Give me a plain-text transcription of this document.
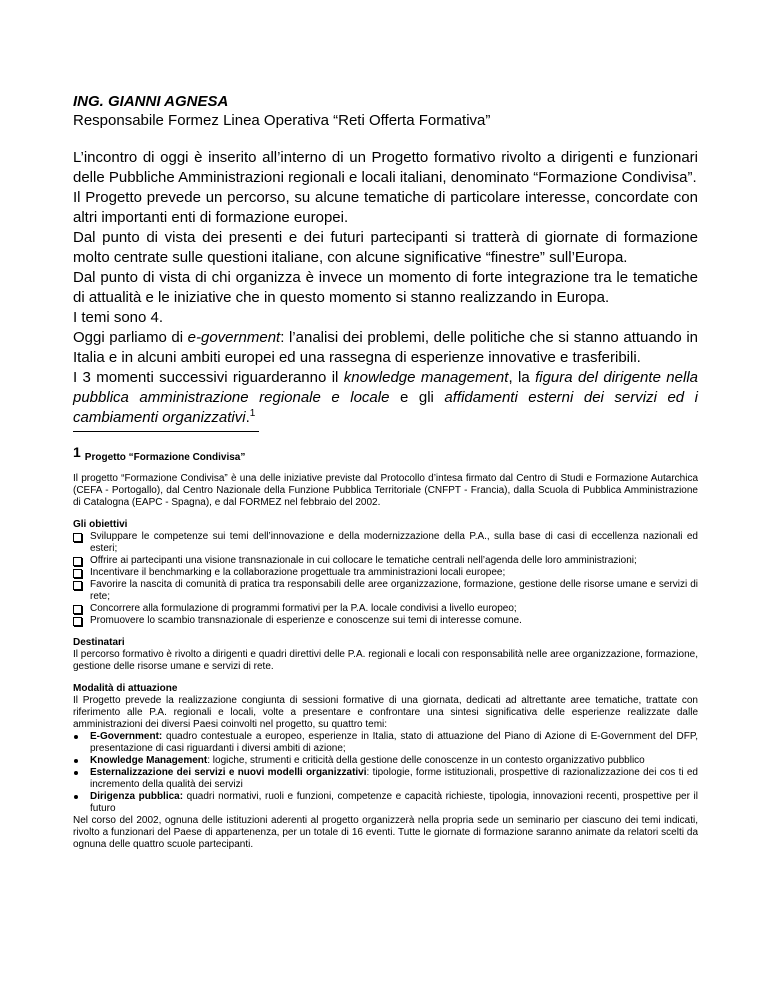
ING. GIANNI AGNESA
Responsabile Formez Linea Operativa “Reti Offerta Formativa”

L’incontro di oggi è inserito all’interno di un Progetto formativo rivolto a dirigenti e funzionari delle Pubbliche Amministrazioni regionali e locali italiani, denominato “Formazione Condivisa”.

Il Progetto prevede un percorso, su alcune tematiche di particolare interesse, concordate con altri importanti enti di formazione europei.

Dal punto di vista dei presenti e dei futuri partecipanti si tratterà di giornate di formazione molto centrate sulle questioni italiane, con alcune significative “finestre” sull’Europa.

Dal punto di vista di chi organizza è invece un momento di forte integrazione tra le tematiche di attualità e le iniziative che in questo momento si stanno realizzando in Europa.

I temi sono 4.

Oggi parliamo di e-government: l’analisi dei problemi, delle politiche che si stanno attuando in Italia e in alcuni ambiti europei ed una rassegna di esperienze innovative e trasferibili.

I 3 momenti successivi riguarderanno il knowledge management, la figura del dirigente nella pubblica amministrazione regionale e locale e gli affidamenti esterni dei servizi ed i cambiamenti organizzativi.$^1$

1 Progetto “Formazione Condivisa”

Il progetto “Formazione Condivisa” è una delle iniziative previste dal Protocollo d’intesa firmato dal Centro di Studi e Formazione Autarchica (CEFA - Portogallo), dal Centro Nazionale della Funzione Pubblica Territoriale (CNFPT - Francia), dalla Scuola di Pubblica Amministrazione di Catalogna (EAPC - Spagna), e dal FORMEZ nel febbraio del 2002.

Gli obiettivi
Sviluppare le competenze sui temi dell’innovazione e della modernizzazione della P.A., sulla base di casi di eccellenza nazionali ed esteri;
Offrire ai partecipanti una visione transnazionale in cui collocare le tematiche centrali nell’agenda delle loro amministrazioni;
Incentivare il benchmarking e la collaborazione progettuale tra amministrazioni locali europee;
Favorire la nascita di comunità di pratica tra responsabili delle aree organizzazione, formazione, gestione delle risorse umane e servizi di rete;
Concorrere alla formulazione di programmi formativi per la P.A. locale condivisi a livello europeo;
Promuovere lo scambio transnazionale di esperienze e conoscenze sui temi di interesse comune.
Destinatari

Il percorso formativo è rivolto a dirigenti e quadri direttivi delle P.A. regionali e locali con responsabilità nelle aree organizzazione, formazione, gestione delle risorse umane e servizi di rete.

Modalità di attuazione

Il Progetto prevede la realizzazione congiunta di sessioni formative di una giornata, dedicati ad altrettante aree tematiche, trattate con riferimento alle P.A. regionali e locali, volte a presentare e confrontare una sintesi significativa delle esperienze realizzate dalle amministrazioni dei diversi Paesi coinvolti nel progetto, su quattro temi:

E-Government: quadro contestuale a europeo, esperienze in Italia, stato di attuazione del Piano di Azione di E-Government del DFP, presentazione di casi riguardanti i diversi ambiti di azione;
Knowledge Management: logiche, strumenti e criticità della gestione delle conoscenze in un contesto organizzativo pubblico
Esternalizzazione dei servizi e nuovi modelli organizzativi: tipologie, forme istituzionali, prospettive di razionalizzazione dei cos ti ed incremento della qualità dei servizi
Dirigenza pubblica: quadri normativi, ruoli e funzioni, competenze e capacità richieste, tipologia, innovazioni recenti, prospettive per il futuro

Nel corso del 2002, ognuna delle istituzioni aderenti al progetto organizzerà nella propria sede un seminario per ciascuno dei temi indicati, rivolto a funzionari del Paese di appartenenza, per un totale di 16 eventi. Tutte le giornate di formazione saranno animate da relatori scelti da ognuna delle quattro scuole partecipanti.
